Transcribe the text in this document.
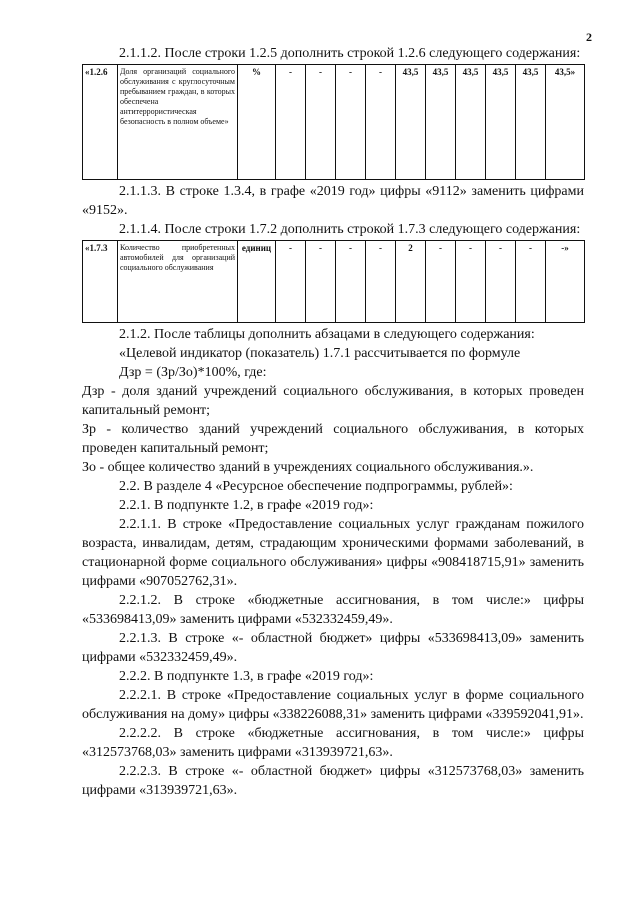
2

2.1.1.2. После строки 1.2.5 дополнить строкой 1.2.6 следующего содержания:

«1.2.6	Доля организаций социального обслуживания с круглосуточным пребыванием граждан, в которых обеспечена антитеррористическая безопасность в полном объеме»	%	-	-	-	-	43,5	43,5	43,5	43,5	43,5	43,5»

2.1.1.3. В строке 1.3.4, в графе «2019 год» цифры «9112» заменить цифрами «9152».

2.1.1.4. После строки 1.7.2 дополнить строкой 1.7.3 следующего содержания:

«1.7.3	Количество приобретенных автомобилей для организаций социального обслуживания	единиц	-	-	-	-	2	-	-	-	-	-»

2.1.2. После таблицы дополнить абзацами в следующего содержания:

«Целевой индикатор (показатель) 1.7.1 рассчитывается по формуле

Дзр = (Зр/Зо)*100%, где:

Дзр - доля зданий учреждений социального обслуживания, в которых проведен капитальный ремонт;

Зр - количество зданий учреждений социального обслуживания, в которых проведен капитальный ремонт;

Зо - общее количество зданий в учреждениях социального обслуживания.».

2.2. В разделе 4 «Ресурсное обеспечение подпрограммы, рублей»:

2.2.1. В подпункте 1.2, в графе «2019 год»:

2.2.1.1. В строке «Предоставление социальных услуг гражданам пожилого возраста, инвалидам, детям, страдающим хроническими формами заболеваний, в стационарной форме социального обслуживания» цифры «908418715,91» заменить цифрами «907052762,31».

2.2.1.2. В строке «бюджетные ассигнования, в том числе:» цифры «533698413,09» заменить цифрами «532332459,49».

2.2.1.3. В строке «- областной бюджет» цифры «533698413,09» заменить цифрами «532332459,49».

2.2.2. В подпункте 1.3, в графе «2019 год»:

2.2.2.1. В строке «Предоставление социальных услуг в форме социального обслуживания на дому» цифры «338226088,31» заменить цифрами «339592041,91».

2.2.2.2. В строке «бюджетные ассигнования, в том числе:» цифры «312573768,03» заменить цифрами «313939721,63».

2.2.2.3. В строке «- областной бюджет» цифры «312573768,03» заменить цифрами «313939721,63».
